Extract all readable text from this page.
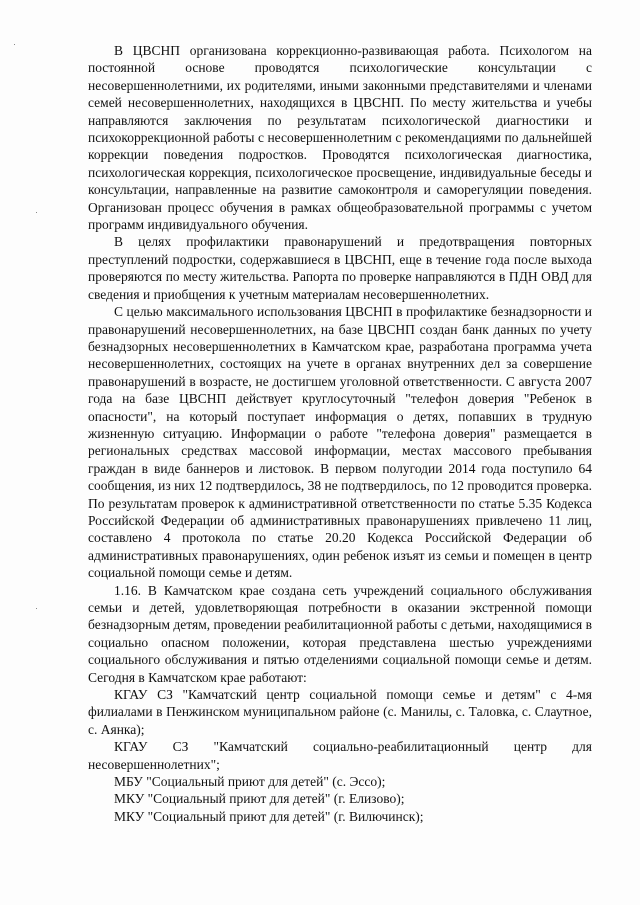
В ЦВСНП организована коррекционно-развивающая работа. Психологом на постоянной основе проводятся психологические консультации с несовершеннолетними, их родителями, иными законными представителями и членами семей несовершеннолетних, находящихся в ЦВСНП. По месту жительства и учебы направляются заключения по результатам психологической диагностики и психокоррекционной работы с несовершеннолетним с рекомендациями по дальнейшей коррекции поведения подростков. Проводятся психологическая диагностика, психологическая коррекция, психологическое просвещение, индивидуальные беседы и консультации, направленные на развитие самоконтроля и саморегуляции поведения. Организован процесс обучения в рамках общеобразовательной программы с учетом программ индивидуального обучения.

В целях профилактики правонарушений и предотвращения повторных преступлений подростки, содержавшиеся в ЦВСНП, еще в течение года после выхода проверяются по месту жительства. Рапорта по проверке направляются в ПДН ОВД для сведения и приобщения к учетным материалам несовершеннолетних.

С целью максимального использования ЦВСНП в профилактике безнадзорности и правонарушений несовершеннолетних, на базе ЦВСНП создан банк данных по учету безнадзорных несовершеннолетних в Камчатском крае, разработана программа учета несовершеннолетних, состоящих на учете в органах внутренних дел за совершение правонарушений в возрасте, не достигшем уголовной ответственности. С августа 2007 года на базе ЦВСНП действует круглосуточный "телефон доверия "Ребенок в опасности", на который поступает информация о детях, попавших в трудную жизненную ситуацию. Информации о работе "телефона доверия" размещается в региональных средствах массовой информации, местах массового пребывания граждан в виде баннеров и листовок. В первом полугодии 2014 года поступило 64 сообщения, из них 12 подтвердилось, 38 не подтвердилось, по 12 проводится проверка. По результатам проверок к административной ответственности по статье 5.35 Кодекса Российской Федерации об административных правонарушениях привлечено 11 лиц, составлено 4 протокола по статье 20.20 Кодекса Российской Федерации об административных правонарушениях, один ребенок изъят из семьи и помещен в центр социальной помощи семье и детям.

1.16. В Камчатском крае создана сеть учреждений социального обслуживания семьи и детей, удовлетворяющая потребности в оказании экстренной помощи безнадзорным детям, проведении реабилитационной работы с детьми, находящимися в социально опасном положении, которая представлена шестью учреждениями социального обслуживания и пятью отделениями социальной помощи семье и детям. Сегодня в Камчатском крае работают:

КГАУ СЗ "Камчатский центр социальной помощи семье и детям" с 4-мя филиалами в Пенжинском муниципальном районе (с. Манилы, с. Таловка, с. Слаутное, с. Аянка);

КГАУ СЗ "Камчатский социально-реабилитационный центр для несовершеннолетних";

МБУ "Социальный приют для детей" (с. Эссо);

МКУ "Социальный приют для детей" (г. Елизово);

МКУ "Социальный приют для детей" (г. Вилючинск);
